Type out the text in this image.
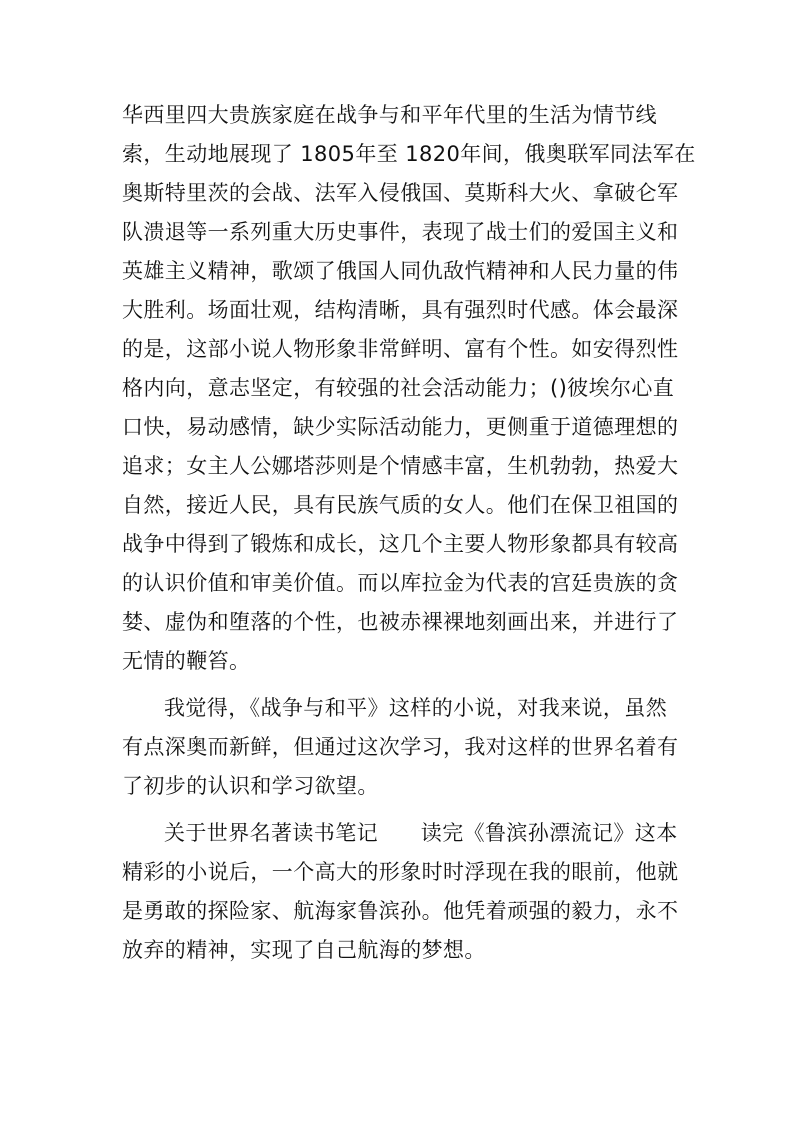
华西里四大贵族家庭在战争与和平年代里的生活为情节线
索，生动地展现了 1805年至 1820年间，俄奥联军同法军在
奥斯特里茨的会战、法军入侵俄国、莫斯科大火、拿破仑军
队溃退等一系列重大历史事件，表现了战士们的爱国主义和
英雄主义精神，歌颂了俄国人同仇敌忾精神和人民力量的伟
大胜利。场面壮观，结构清晰，具有强烈时代感。体会最深
的是，这部小说人物形象非常鲜明、富有个性。如安得烈性
格内向，意志坚定，有较强的社会活动能力；()彼埃尔心直
口快，易动感情，缺少实际活动能力，更侧重于道德理想的
追求；女主人公娜塔莎则是个情感丰富，生机勃勃，热爱大
自然，接近人民，具有民族气质的女人。他们在保卫祖国的
战争中得到了锻炼和成长，这几个主要人物形象都具有较高
的认识价值和审美价值。而以库拉金为代表的宫廷贵族的贪
婪、虚伪和堕落的个性，也被赤裸裸地刻画出来，并进行了
无情的鞭笞。
我觉得，《战争与和平》这样的小说，对我来说，虽然
有点深奥而新鲜，但通过这次学习，我对这样的世界名着有
了初步的认识和学习欲望。
关于世界名著读书笔记　　读完《鲁滨孙漂流记》这本
精彩的小说后，一个高大的形象时时浮现在我的眼前，他就
是勇敢的探险家、航海家鲁滨孙。他凭着顽强的毅力，永不
放弃的精神，实现了自己航海的梦想。
